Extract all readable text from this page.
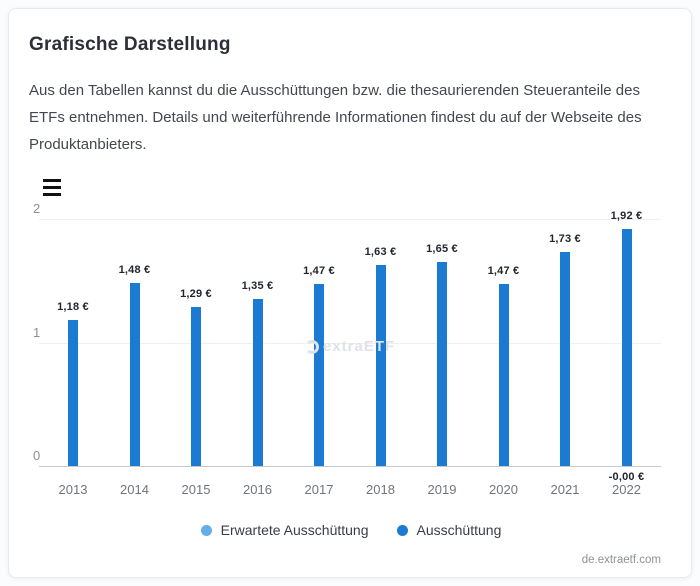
Grafische Darstellung

Aus den Tabellen kannst du die Ausschüttungen bzw. die thesaurierenden Steueranteile des ETFs entnehmen. Details und weiterführende Informationen findest du auf der Webseite des Produktanbieters.

0
1
2
1,18 €
2013
1,48 €
2014
1,29 €
2015
1,35 €
2016
1,47 €
2017
1,63 €
2018
1,65 €
2019
1,47 €
2020
1,73 €
2021
-0,00 €
1,92 €
2022
extraETF
Erwartete Ausschüttung	Ausschüttung
de.extraetf.com
